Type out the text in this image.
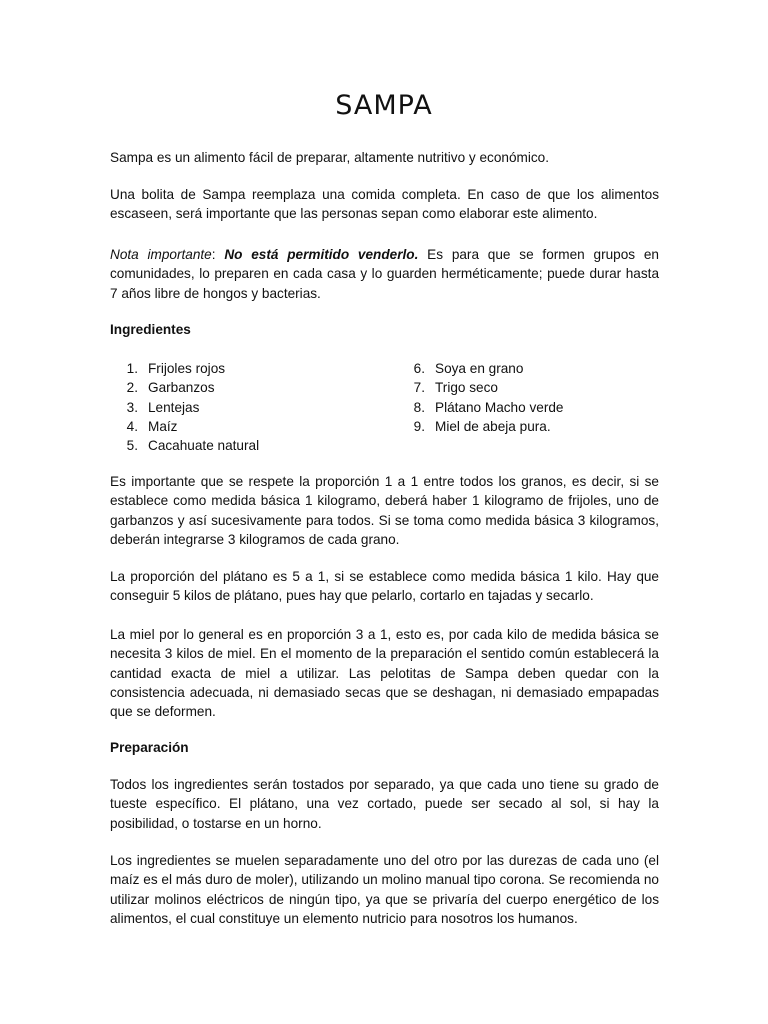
SAMPA

Sampa es un alimento fácil de preparar, altamente nutritivo y económico.

Una bolita de Sampa reemplaza una comida completa. En caso de que los alimentos escaseen, será importante que las personas sepan como elaborar este alimento.

Nota importante: No está permitido venderlo. Es para que se formen grupos en comunidades, lo preparen en cada casa y lo guarden herméticamente; puede durar hasta 7 años libre de hongos y bacterias.

Ingredientes
1. Frijoles rojos
2. Garbanzos
3. Lentejas
4. Maíz
5. Cacahuate natural
6. Soya en grano
7. Trigo seco
8. Plátano Macho verde
9. Miel de abeja pura.

Es importante que se respete la proporción 1 a 1 entre todos los granos, es decir, si se establece como medida básica 1 kilogramo, deberá haber 1 kilogramo de frijoles, uno de garbanzos y así sucesivamente para todos. Si se toma como medida básica 3 kilogramos, deberán integrarse 3 kilogramos de cada grano.

La proporción del plátano es 5 a 1, si se establece como medida básica 1 kilo. Hay que conseguir 5 kilos de plátano, pues hay que pelarlo, cortarlo en tajadas y secarlo.

La miel por lo general es en proporción 3 a 1, esto es, por cada kilo de medida básica se necesita 3 kilos de miel. En el momento de la preparación el sentido común establecerá la cantidad exacta de miel a utilizar. Las pelotitas de Sampa deben quedar con la consistencia adecuada, ni demasiado secas que se deshagan, ni demasiado empapadas que se deformen.

Preparación

Todos los ingredientes serán tostados por separado, ya que cada uno tiene su grado de tueste específico. El plátano, una vez cortado, puede ser secado al sol, si hay la posibilidad, o tostarse en un horno.

Los ingredientes se muelen separadamente uno del otro por las durezas de cada uno (el maíz es el más duro de moler), utilizando un molino manual tipo corona. Se recomienda no utilizar molinos eléctricos de ningún tipo, ya que se privaría del cuerpo energético de los alimentos, el cual constituye un elemento nutricio para nosotros los humanos.
